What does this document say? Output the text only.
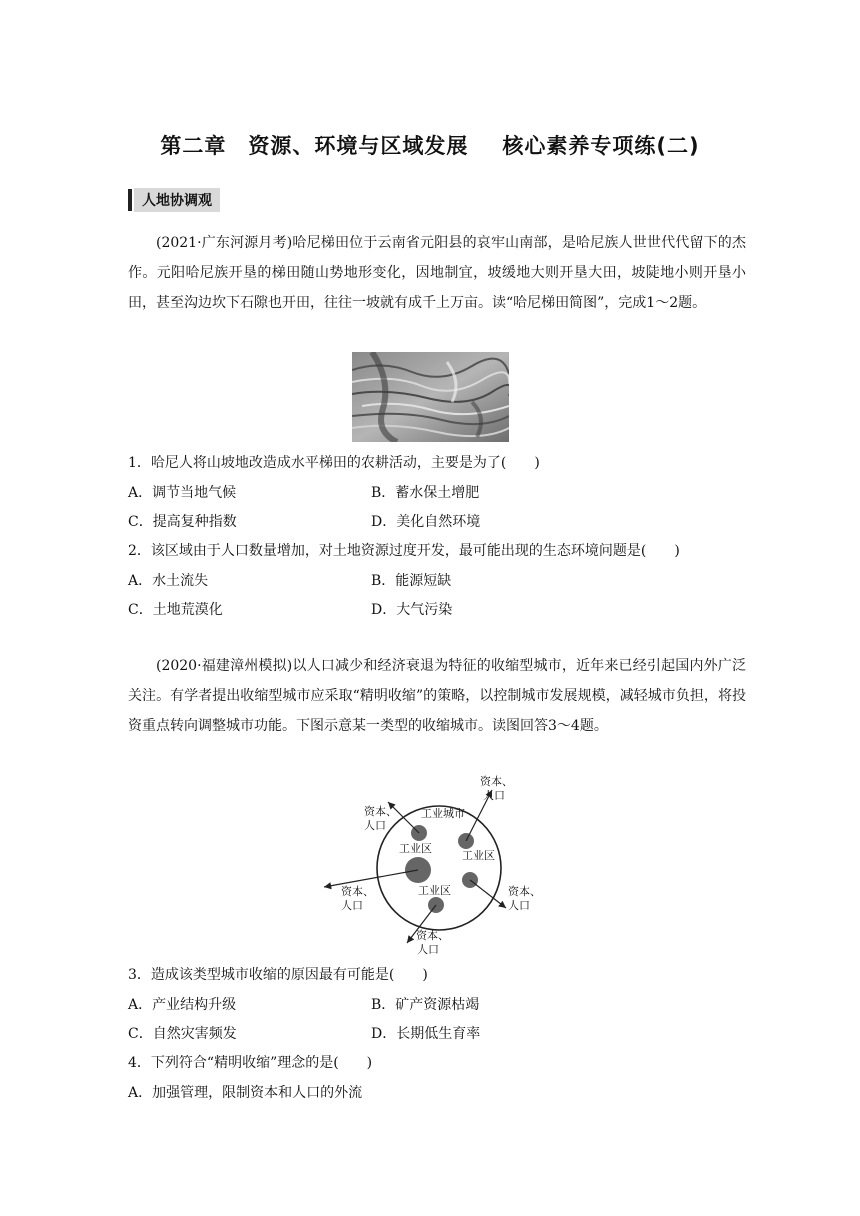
第二章　资源、环境与区域发展 核心素养专项练(二)
人地协调观
(2021·广东河源月考)哈尼梯田位于云南省元阳县的哀牢山南部，是哈尼族人世世代代留下的杰作。元阳哈尼族开垦的梯田随山势地形变化，因地制宜，坡缓地大则开垦大田，坡陡地小则开垦小田，甚至沟边坎下石隙也开田，往往一坡就有成千上万亩。读“哈尼梯田简图”，完成1～2题。
1．哈尼人将山坡地改造成水平梯田的农耕活动，主要是为了(　　)
A．调节当地气候	B．蓄水保土增肥
C．提高复种指数	D．美化自然环境
2．该区域由于人口数量增加，对土地资源过度开发，最可能出现的生态环境问题是(　　)
A．水土流失	B．能源短缺
C．土地荒漠化	D．大气污染
(2020·福建漳州模拟)以人口减少和经济衰退为特征的收缩型城市，近年来已经引起国内外广泛关注。有学者提出收缩型城市应采取“精明收缩”的策略，以控制城市发展规模，减轻城市负担，将投资重点转向调整城市功能。下图示意某一类型的收缩城市。读图回答3～4题。
工业城市
工业区
工业区
工业区
资本、
人口
资本、
人口
资本、
人口
资本、
人口
资本、
人口
3．造成该类型城市收缩的原因最有可能是(　　)
A．产业结构升级	B．矿产资源枯竭
C．自然灾害频发	D．长期低生育率
4．下列符合“精明收缩”理念的是(　　)
A．加强管理，限制资本和人口的外流
